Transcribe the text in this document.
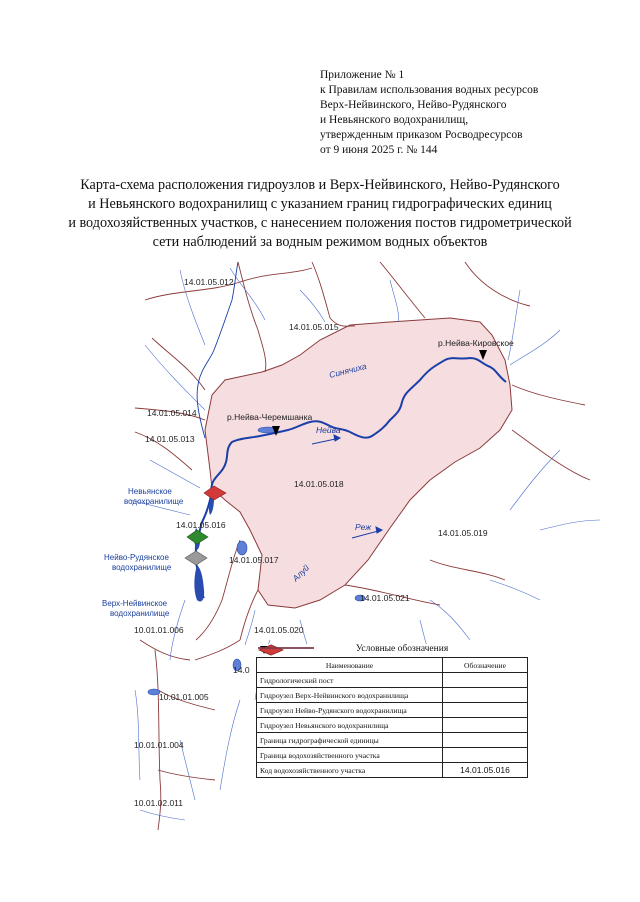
Приложение № 1
к Правилам использования водных ресурсов
Верх-Нейвинского, Нейво-Рудянского
и Невьянского водохранилищ,
утвержденным приказом Росводресурсов
от 9 июня 2025 г. № 144
Карта-схема расположения гидроузлов и Верх-Нейвинского, Нейво-Рудянского
и Невьянского водохранилищ с указанием границ гидрографических единиц
и водохозяйственных участков, с нанесением положения постов гидрометрической
сети наблюдений за водным режимом водных объектов
Нейва
Синячиха
Реж
Алуй
р.Нейва-Кировское
р.Нейва-Черемшанка
Невьянское
водохранилище
Нейво-Рудянское
водохранилище
Верх-Нейвинское
водохранилище
14.01.05.012
14.01.05.015
14.01.05.014
14.01.05.013
14.01.05.018
14.01.05.016
14.01.05.017
14.01.05.019
14.01.05.021
14.01.05.020
10.01.01.006
14.0
10.01.01.005
10.01.01.004
10.01.02.011
Условные обозначения
Наименование	Обозначение
Гидрологический пост	

Гидроузел Верх-Нейвинского водохранилища	

Гидроузел Нейво-Рудянского водохранилища	

Гидроузел Невьянского водохранилища	

Граница гидрографической единицы	

Граница водохозяйственного участка	

Код водохозяйственного участка	14.01.05.016
